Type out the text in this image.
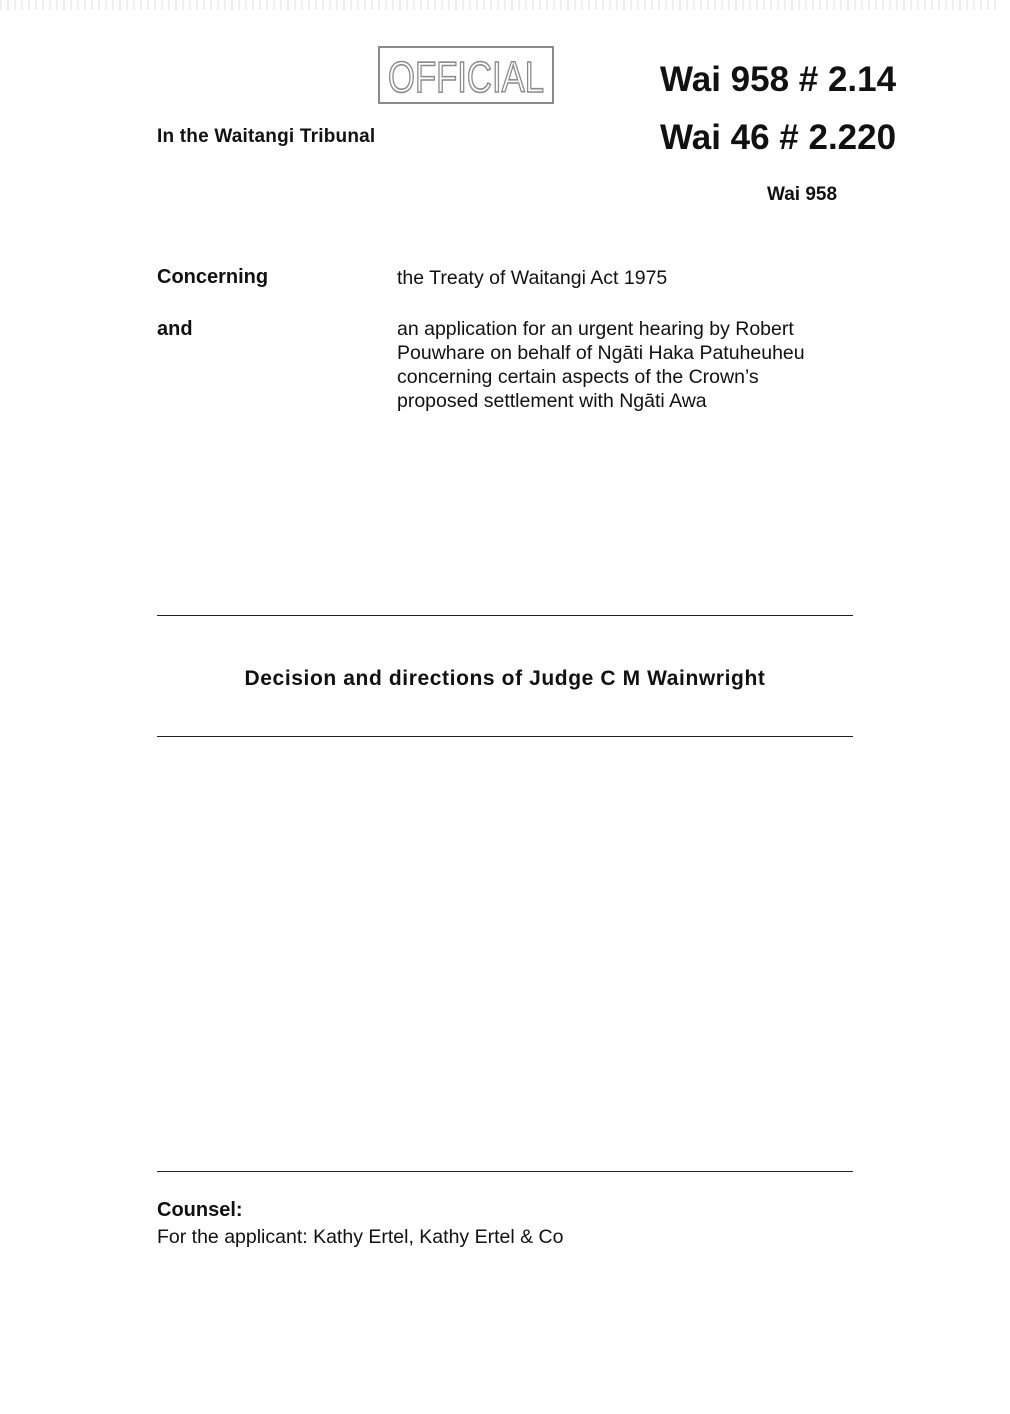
OFFICIAL
In the Waitangi Tribunal
Wai 958 # 2.14
Wai 46 # 2.220
Wai 958
Concerning	the Treaty of Waitangi Act 1975
and	an application for an urgent hearing by Robert
Pouwhare on behalf of Ngāti Haka Patuheuheu
concerning certain aspects of the Crown’s
proposed settlement with Ngāti Awa
Decision and directions of Judge C M Wainwright
Counsel:
For the applicant: Kathy Ertel, Kathy Ertel & Co
